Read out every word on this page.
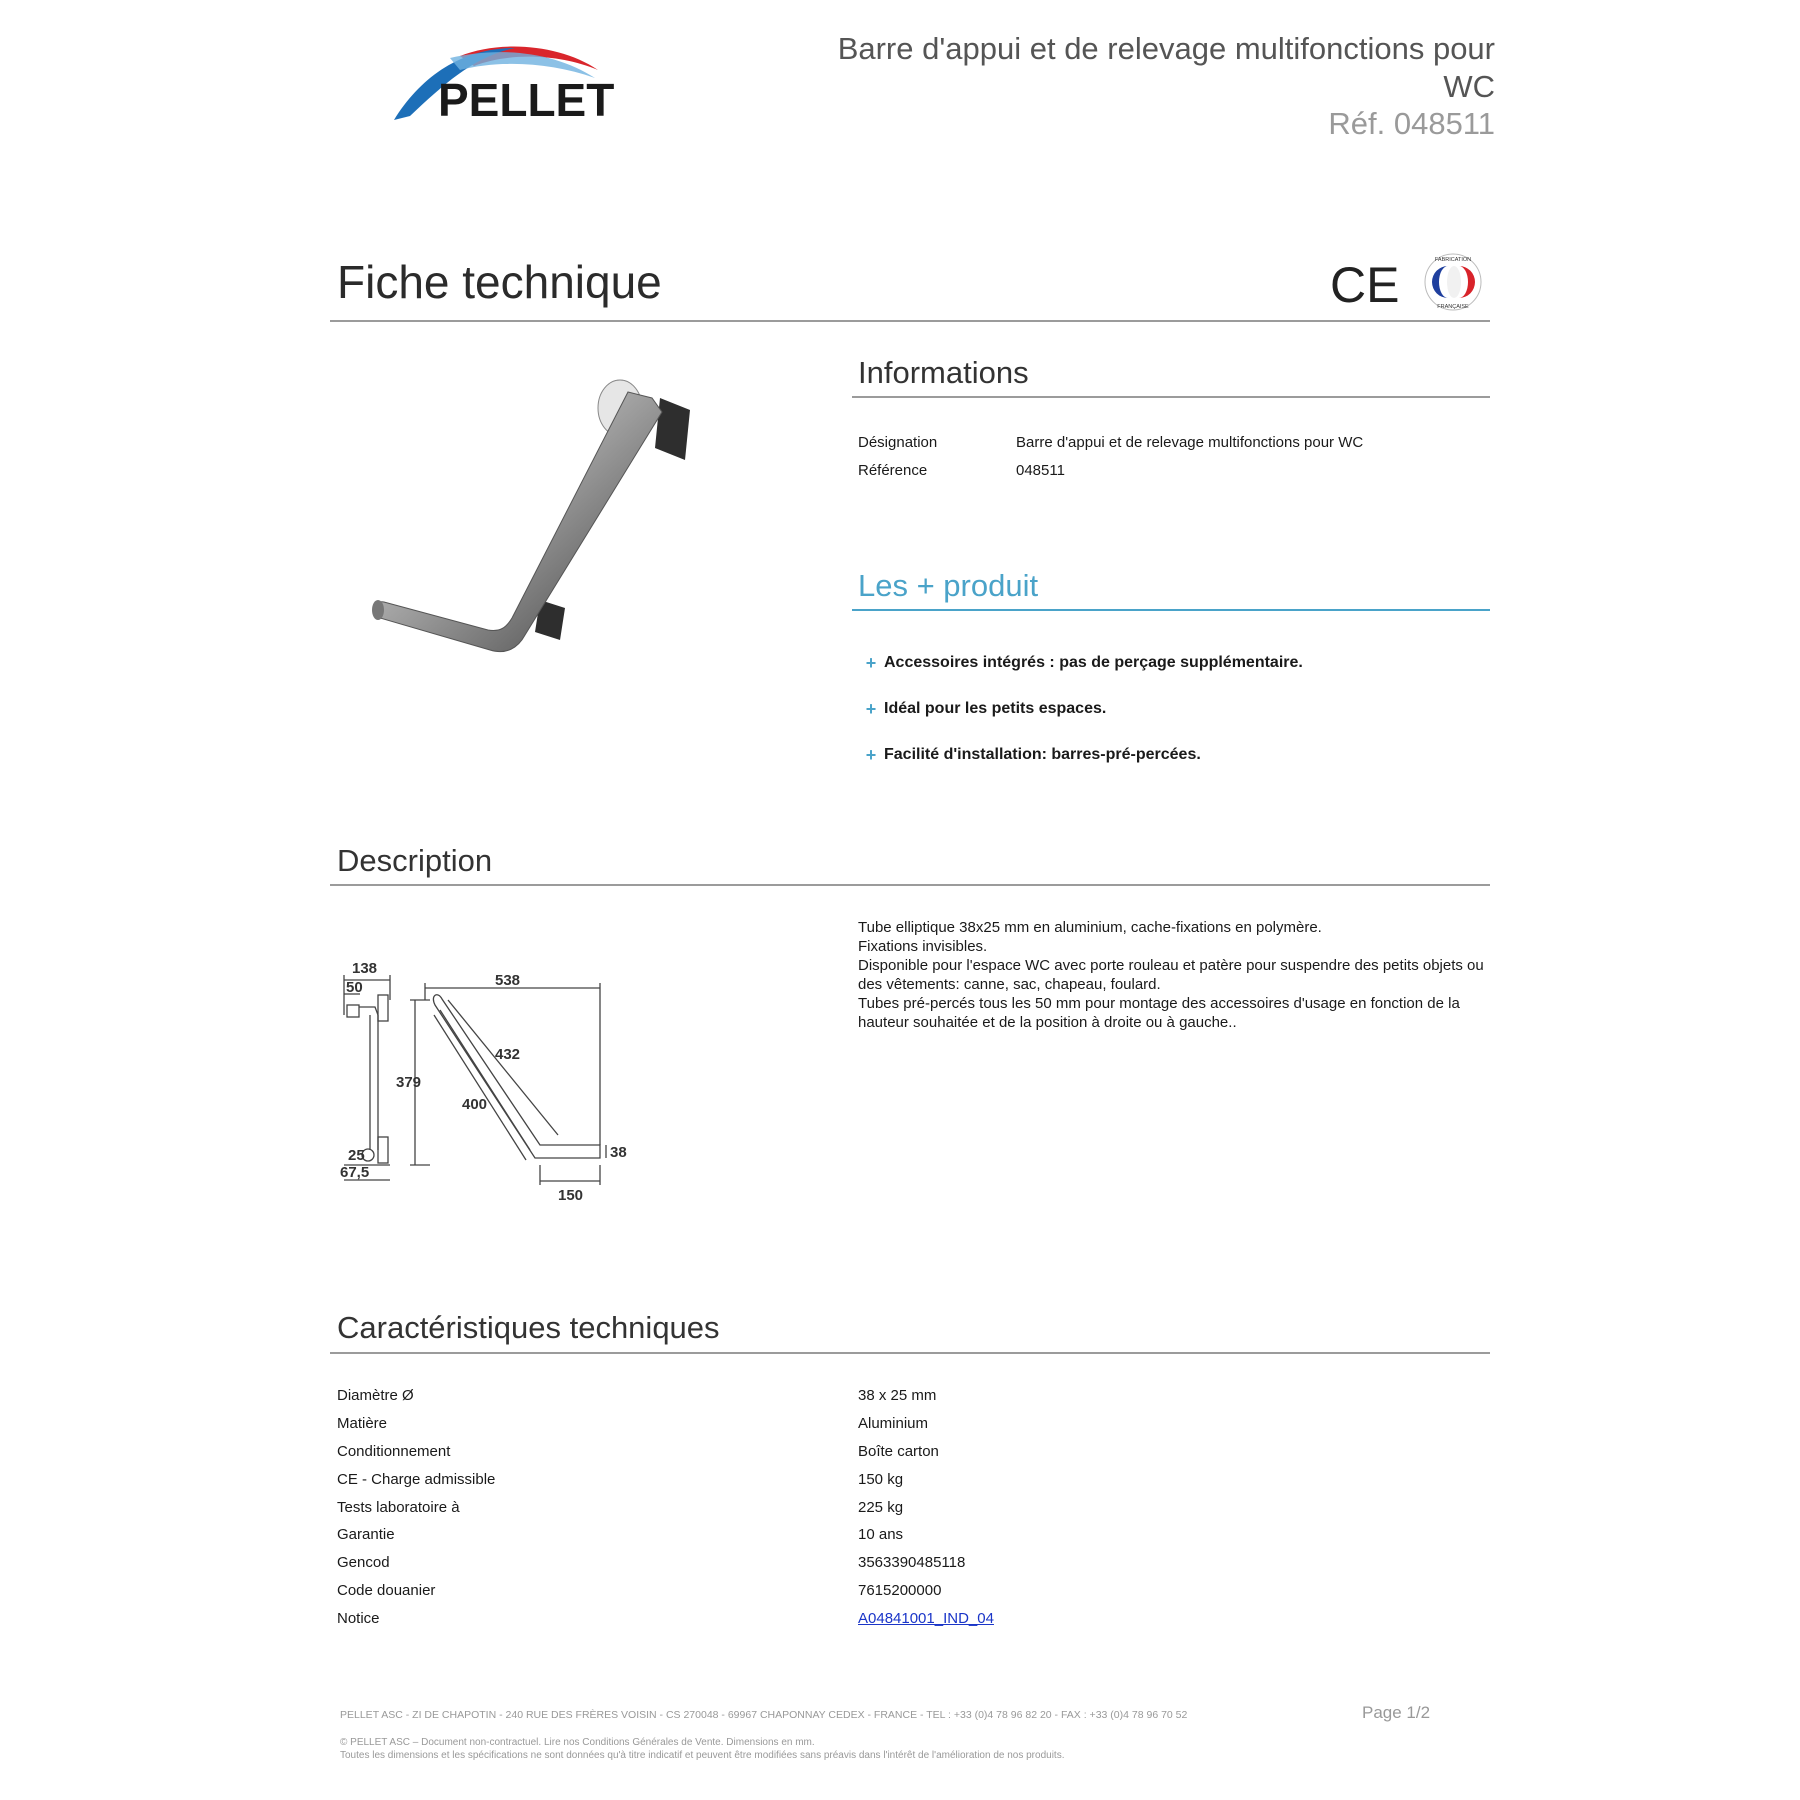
PELLET
Barre d'appui et de relevage multifonctions pour WC
Réf. 048511
Fiche technique	CE	FABRICATION
FRANÇAISE
Informations
Désignation	Barre d'appui et de relevage multifonctions pour WC
Référence	048511
Les + produit
+ Accessoires intégrés : pas de perçage supplémentaire.
+ Idéal pour les petits espaces.
+ Facilité d'installation: barres-pré-percées.
Description
138
50
379
25
67,5
538
432
400
38
150

Tube elliptique 38x25 mm en aluminium, cache-fixations en polymère.

Fixations invisibles.

Disponible pour l'espace WC avec porte rouleau et patère pour suspendre des petits objets ou des vêtements: canne, sac, chapeau, foulard.

Tubes pré-percés tous les 50 mm pour montage des accessoires d'usage en fonction de la hauteur souhaitée et de la position à droite ou à gauche..

Caractéristiques techniques
Diamètre Ø	38 x 25 mm
Matière	Aluminium
Conditionnement	Boîte carton
CE - Charge admissible	150 kg
Tests laboratoire à	225 kg
Garantie	10 ans
Gencod	3563390485118
Code douanier	7615200000
Notice	A04841001_IND_04
PELLET ASC - ZI DE CHAPOTIN - 240 RUE DES FRÈRES VOISIN - CS 270048 - 69967 CHAPONNAY CEDEX - FRANCE - TEL : +33 (0)4 78 96 82 20 - FAX : +33 (0)4 78 96 70 52	Page 1/2
© PELLET ASC – Document non-contractuel. Lire nos Conditions Générales de Vente. Dimensions en mm.
Toutes les dimensions et les spécifications ne sont données qu'à titre indicatif et peuvent être modifiées sans préavis dans l'intérêt de l'amélioration de nos produits.
